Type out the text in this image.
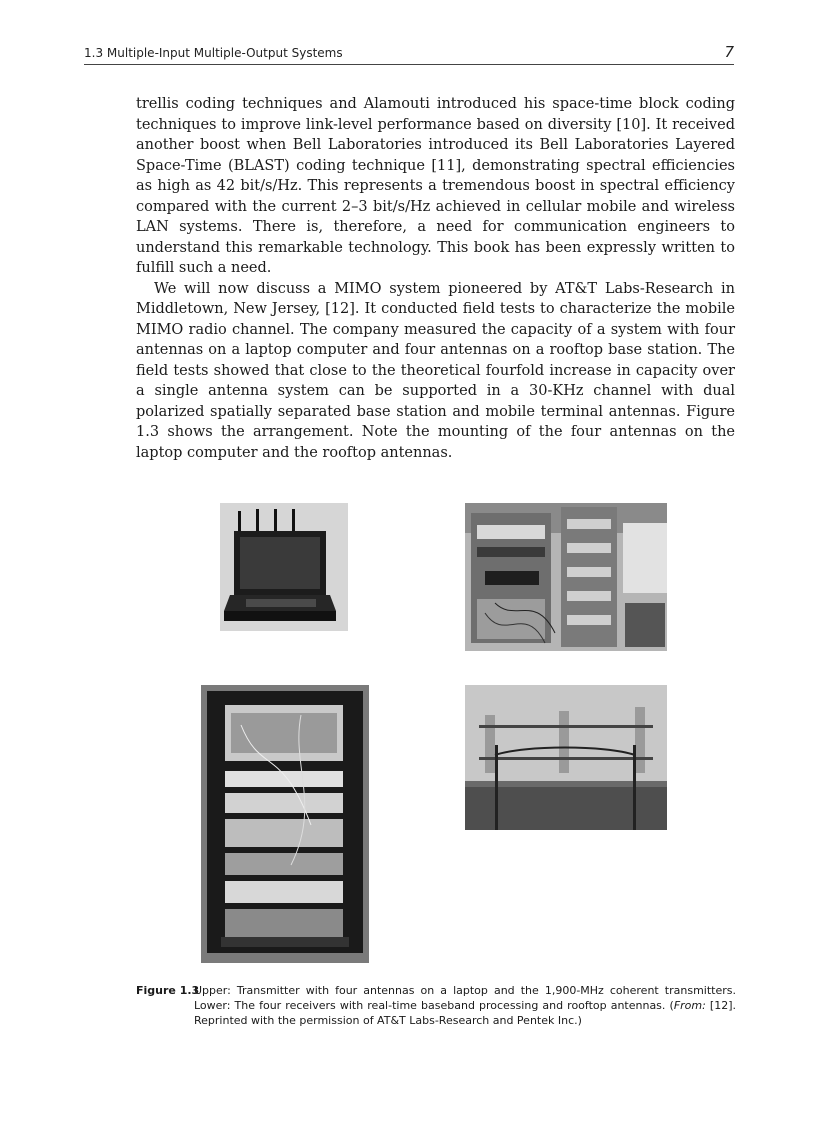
1.3 Multiple-Input Multiple-Output Systems	7

trellis coding techniques and Alamouti introduced his space-time block coding techniques to improve link-level performance based on diversity [10]. It received another boost when Bell Laboratories introduced its Bell Laboratories Layered Space-Time (BLAST) coding technique [11], demonstrating spectral efficiencies as high as 42 bit/s/Hz. This represents a tremendous boost in spectral efficiency compared with the current 2–3 bit/s/Hz achieved in cellular mobile and wireless LAN systems. There is, therefore, a need for communication engineers to understand this remarkable technology. This book has been expressly written to fulfill such a need.

We will now discuss a MIMO system pioneered by AT&T Labs-Research in Middletown, New Jersey, [12]. It conducted field tests to characterize the mobile MIMO radio channel. The company measured the capacity of a system with four antennas on a laptop computer and four antennas on a rooftop base station. The field tests showed that close to the theoretical fourfold increase in capacity over a single antenna system can be supported in a 30-KHz channel with dual polarized spatially separated base station and mobile terminal antennas. Figure 1.3 shows the arrangement. Note the mounting of the four antennas on the laptop computer and the rooftop antennas.

Figure 1.3
Upper: Transmitter with four antennas on a laptop and the 1,900-MHz coherent transmitters. Lower: The four receivers with real-time baseband processing and rooftop antennas. (From: [12]. Reprinted with the permission of AT&T Labs-Research and Pentek Inc.)
